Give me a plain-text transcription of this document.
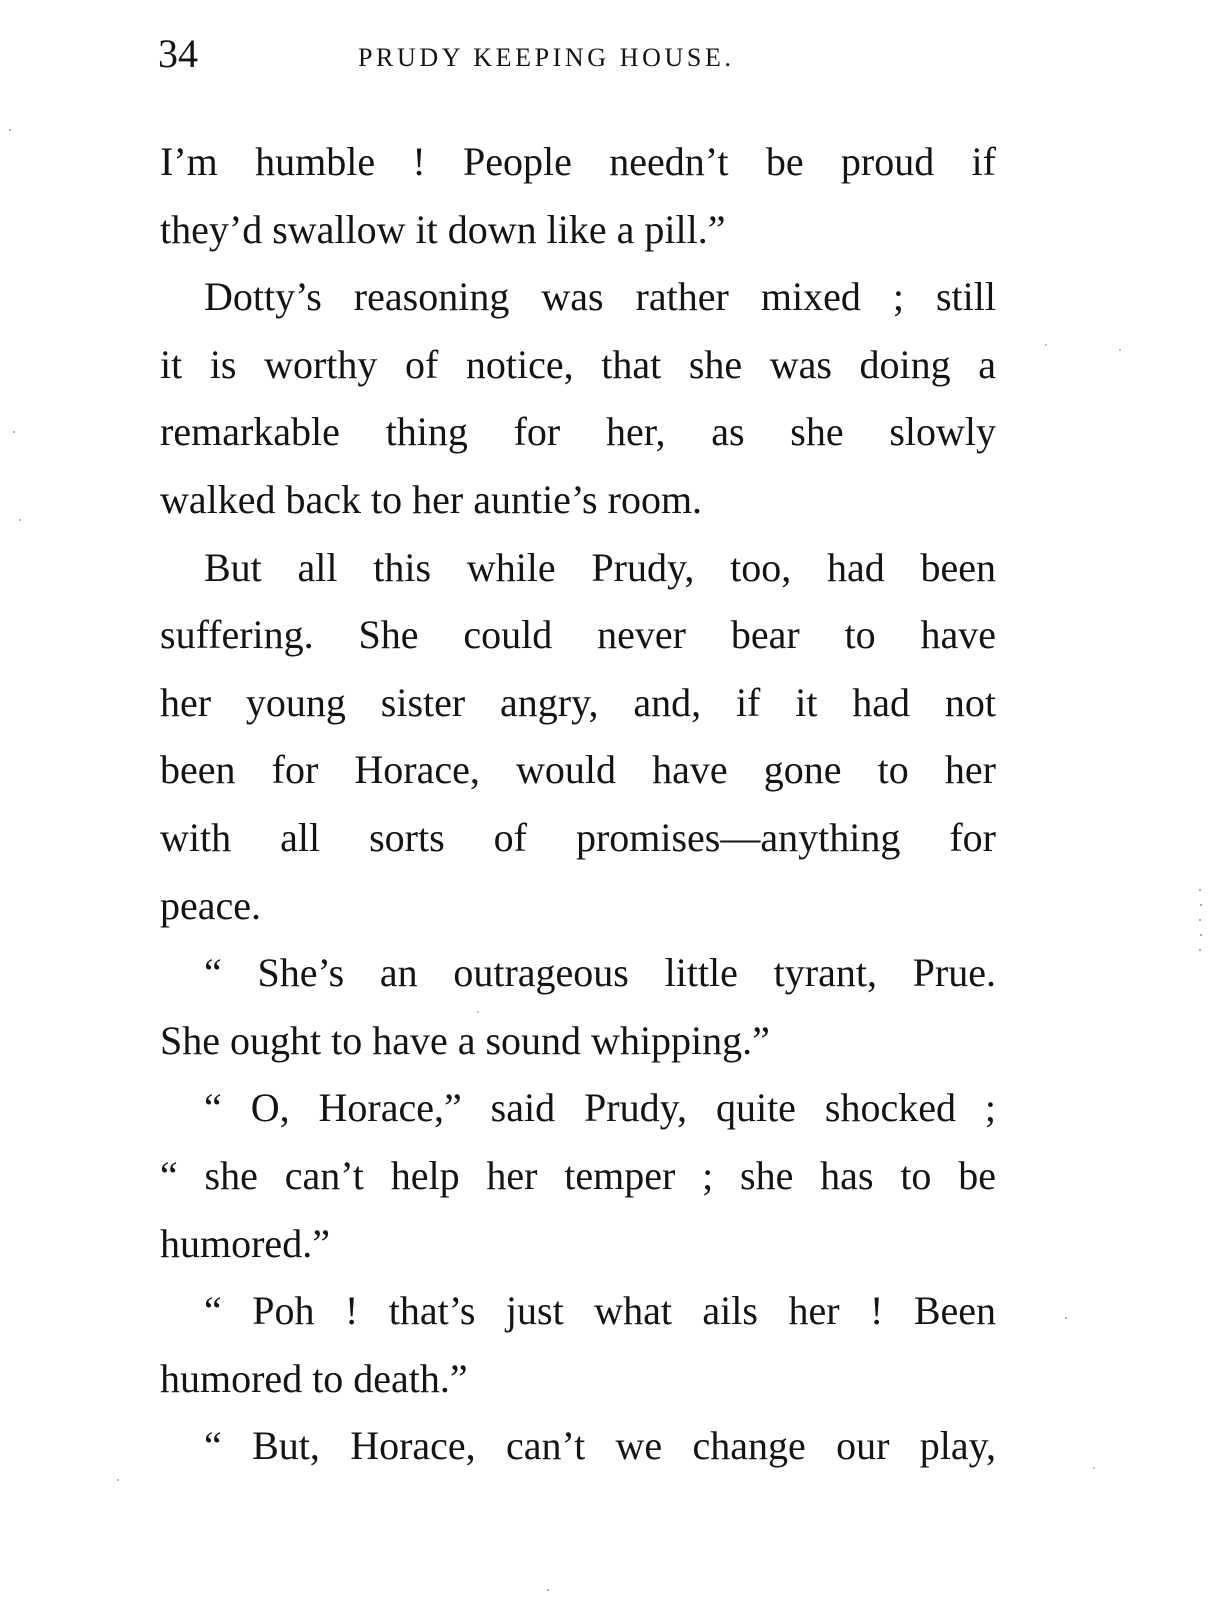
34	PRUDY KEEPING HOUSE.
I’m humble ! People needn’t be proud if
they’d swallow it down like a pill.”
Dotty’s reasoning was rather mixed ; still
it is worthy of notice, that she was doing a
remarkable thing for her, as she slowly
walked back to her auntie’s room.
But all this while Prudy, too, had been
suffering. She could never bear to have
her young sister angry, and, if it had not
been for Horace, would have gone to her
with all sorts of promises—anything for
peace.
“ She’s an outrageous little tyrant, Prue.
She ought to have a sound whipping.”
“ O, Horace,” said Prudy, quite shocked ;
“ she can’t help her temper ; she has to be
humored.”
“ Poh ! that’s just what ails her ! Been
humored to death.”
“ But, Horace, can’t we change our play,
